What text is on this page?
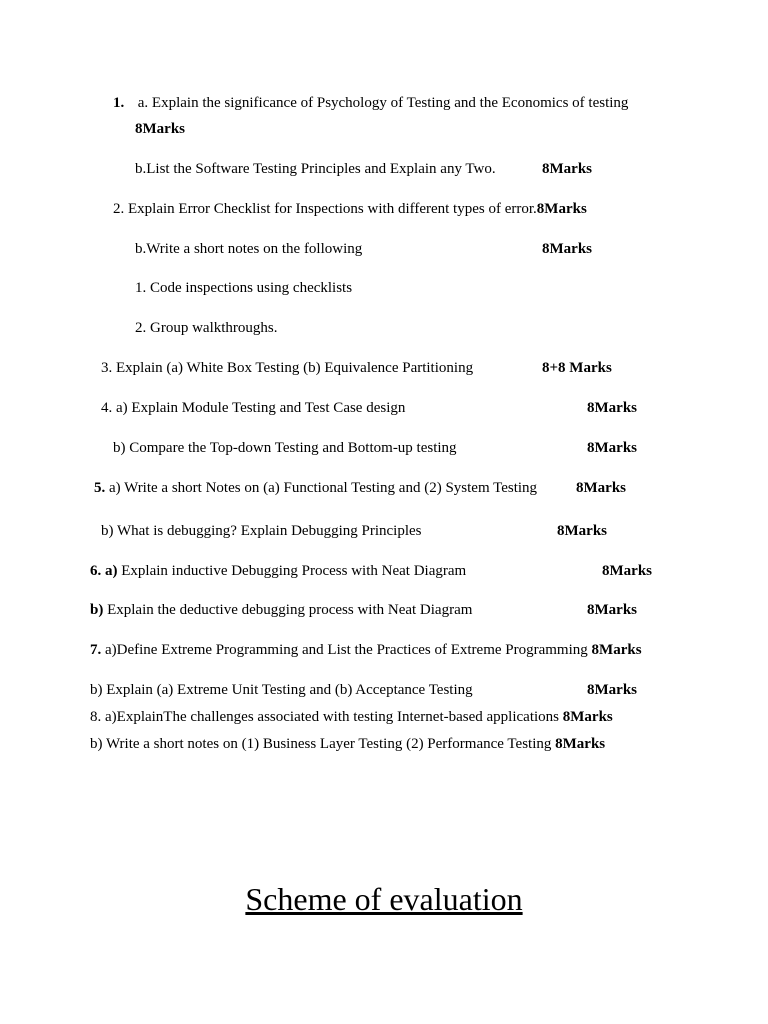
1. a. Explain the significance of Psychology of Testing and the Economics of testing
8Marks
b.List the Software Testing Principles and Explain any Two.	8Marks
2. Explain Error Checklist for Inspections with different types of error.8Marks
b.Write a short notes on the following	8Marks
1. Code inspections using checklists
2. Group walkthroughs.
3. Explain (a) White Box Testing (b) Equivalence Partitioning	8+8 Marks
4. a) Explain Module Testing and Test Case design	8Marks
b) Compare the Top-down Testing and Bottom-up testing	8Marks
5. a) Write a short Notes on (a) Functional Testing and (2) System Testing	8Marks
b) What is debugging? Explain Debugging Principles	8Marks
6. a) Explain inductive Debugging Process with Neat Diagram	8Marks
b) Explain the deductive debugging process with Neat Diagram	8Marks
7. a)Define Extreme Programming and List the Practices of Extreme Programming 8Marks
b) Explain (a) Extreme Unit Testing and (b) Acceptance Testing	8Marks
8. a)ExplainThe challenges associated with testing Internet-based applications 8Marks
b) Write a short notes on (1) Business Layer Testing (2) Performance Testing 8Marks
Scheme of evaluation
